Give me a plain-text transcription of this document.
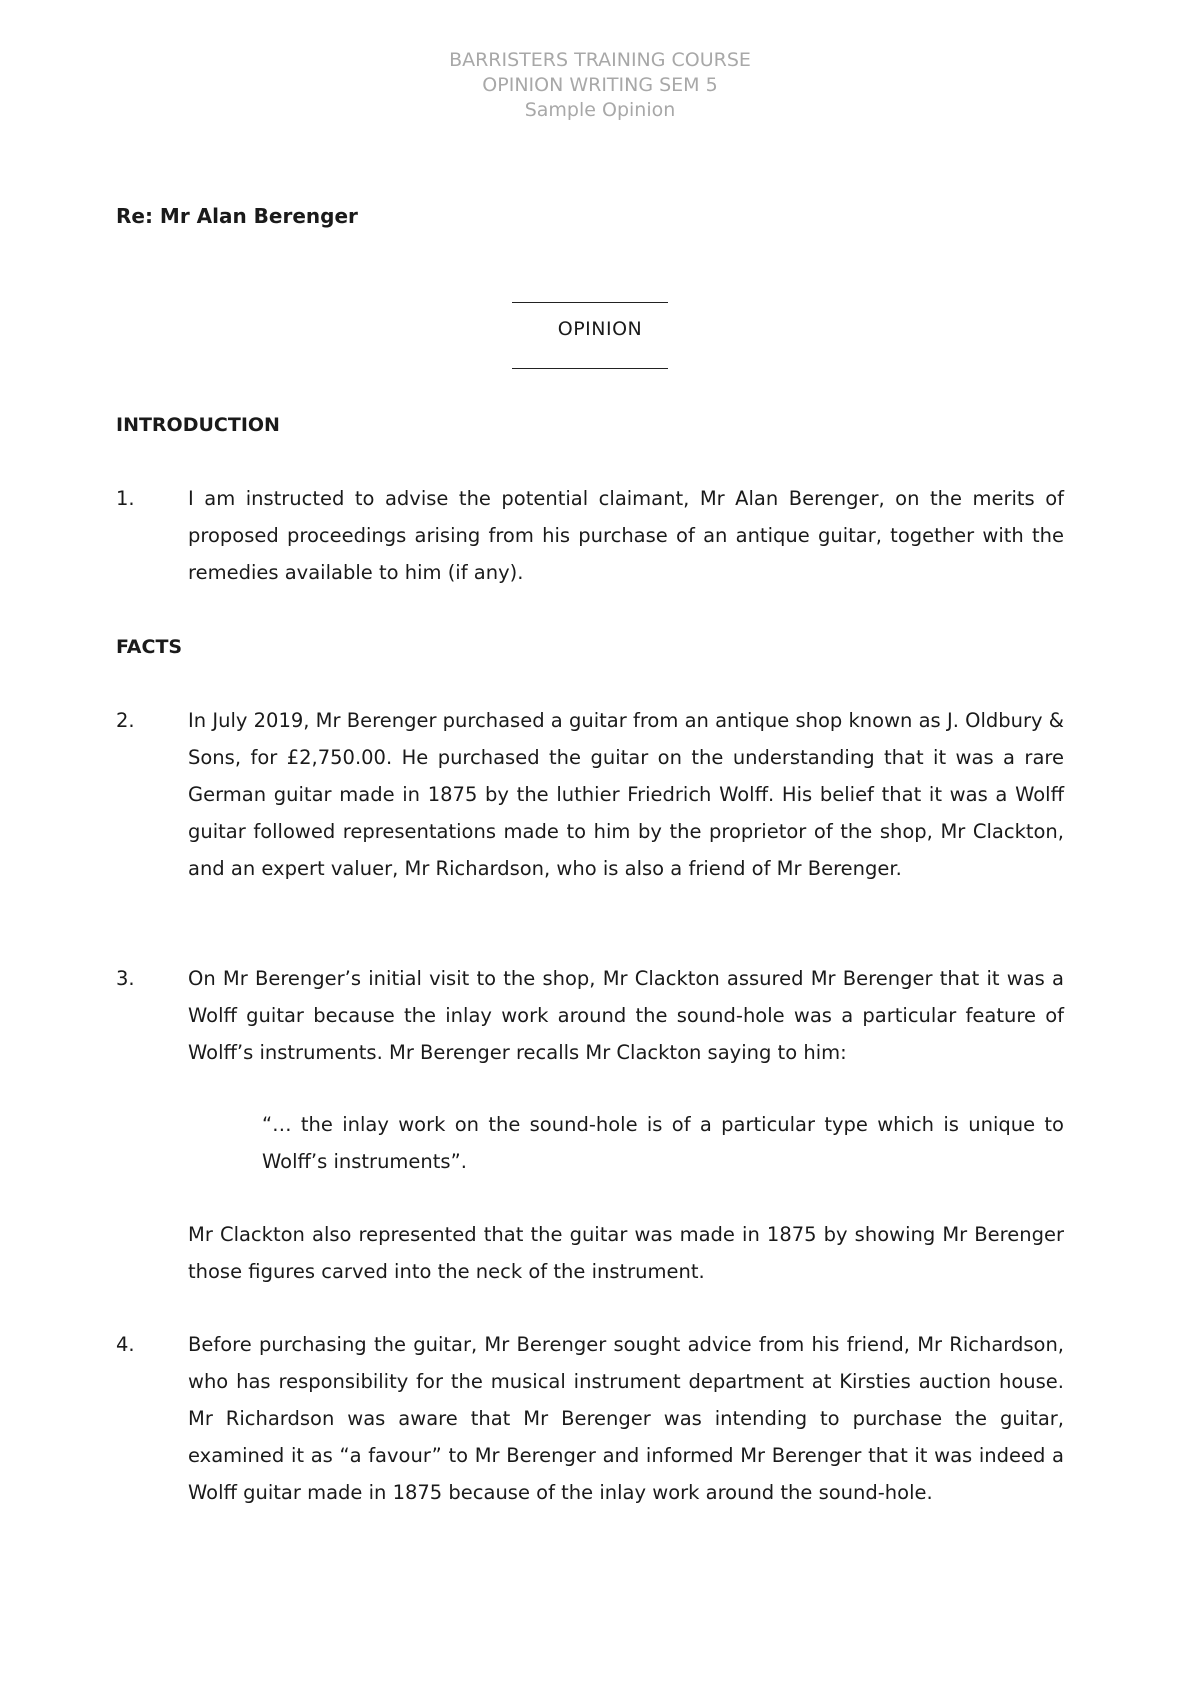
BARRISTERS TRAINING COURSE
OPINION WRITING SEM 5
Sample Opinion
Re: Mr Alan Berenger
OPINION
INTRODUCTION
1.	I am instructed to advise the potential claimant, Mr Alan Berenger, on the merits of proposed proceedings arising from his purchase of an antique guitar, together with the remedies available to him (if any).
FACTS
2.	In July 2019, Mr Berenger purchased a guitar from an antique shop known as J. Oldbury & Sons, for £2,750.00. He purchased the guitar on the understanding that it was a rare German guitar made in 1875 by the luthier Friedrich Wolff. His belief that it was a Wolff guitar followed representations made to him by the proprietor of the shop, Mr Clackton, and an expert valuer, Mr Richardson, who is also a friend of Mr Berenger.
3.	On Mr Berenger’s initial visit to the shop, Mr Clackton assured Mr Berenger that it was a Wolff guitar because the inlay work around the sound-hole was a particular feature of Wolff’s instruments. Mr Berenger recalls Mr Clackton saying to him:
“… the inlay work on the sound-hole is of a particular type which is unique to Wolff’s instruments”.
Mr Clackton also represented that the guitar was made in 1875 by showing Mr Berenger those figures carved into the neck of the instrument.
4.	Before purchasing the guitar, Mr Berenger sought advice from his friend, Mr Richardson, who has responsibility for the musical instrument department at Kirsties auction house. Mr Richardson was aware that Mr Berenger was intending to purchase the guitar, examined it as “a favour” to Mr Berenger and informed Mr Berenger that it was indeed a Wolff guitar made in 1875 because of the inlay work around the sound-hole.
